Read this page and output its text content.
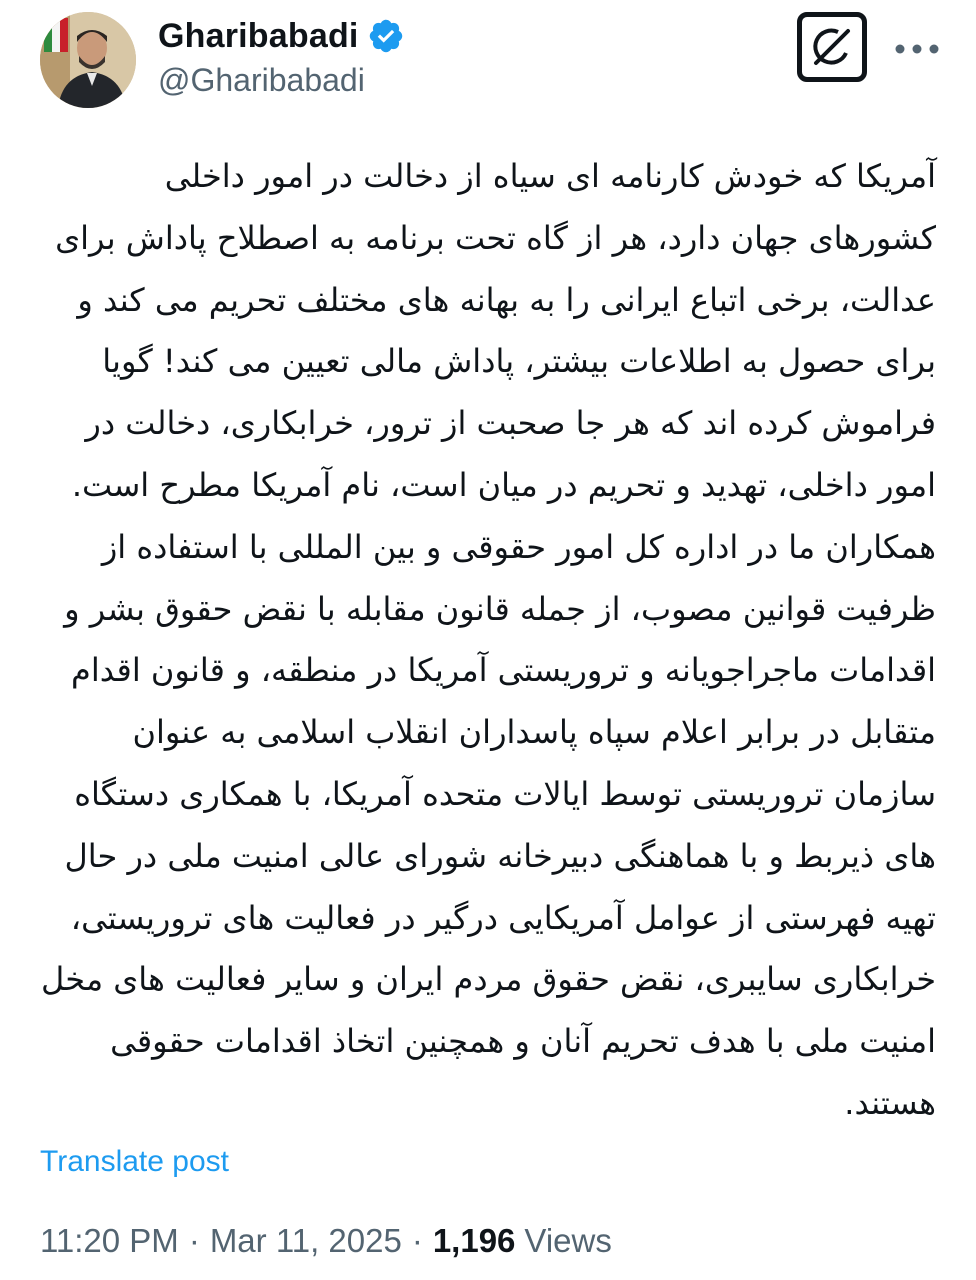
Gharibabadi
@Gharibabadi
آمریکا که خودش کارنامه ای سیاه از دخالت در امور داخلی کشورهای جهان دارد، هر از گاه تحت برنامه به اصطلاح پاداش برای عدالت، برخی اتباع ایرانی را به بهانه های مختلف تحریم می کند و برای حصول به اطلاعات بیشتر، پاداش مالی تعیین می کند! گویا فراموش کرده اند که هر جا صحبت از ترور، خرابکاری، دخالت در امور داخلی، تهدید و تحریم در میان است، نام آمریکا مطرح است.
همکاران ما در اداره کل امور حقوقی و بین المللی با استفاده از ظرفیت قوانین مصوب، از جمله قانون مقابله با نقض حقوق بشر و اقدامات ماجراجویانه و تروریستی آمریکا در منطقه، و قانون اقدام متقابل در برابر اعلام سپاه پاسداران انقلاب اسلامی به عنوان سازمان تروریستی توسط ایالات متحده آمریکا، با همکاری دستگاه های ذیربط و با هماهنگی دبیرخانه شورای عالی امنیت ملی در حال تهیه فهرستی از عوامل آمریکایی درگیر در فعالیت های تروریستی، خرابکاری سایبری، نقض حقوق مردم ایران و سایر فعالیت های مخل امنیت ملی با هدف تحریم آنان و همچنین اتخاذ اقدامات حقوقی هستند.
Translate post
11:20 PM · Mar 11, 2025 · 1,196 Views
